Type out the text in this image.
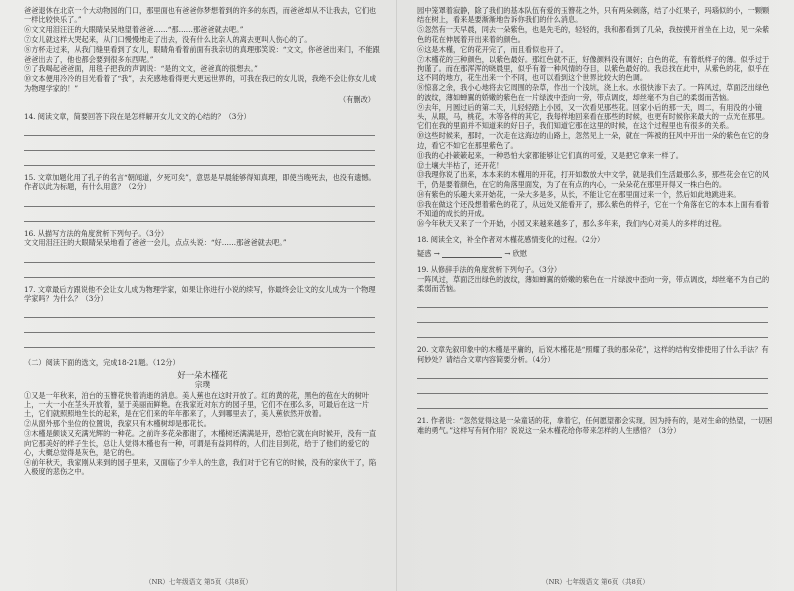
爸爸退休在北京一个大动物园的门口，那里面也有爸爸你梦想着到的许多的东西，而爸爸却从不让我去，它们也一样比较快乐了。”

⑥文文用泪汪汪的大眼睛呆呆地望着爸爸……“那……那爸爸就去吧。”

⑦女儿就这样大哭起来，从门口慢慢地走了出去，没有什么比亲人的离去更叫人伤心的了。

⑧方杯走过来，从我门缝里看到了女儿，眼睛角看着前面有我亲切的真理那笑说：“文文，你爸爸出来门，不能跟爸爸出去了，他也都会要到很多东西呢。”

⑨了我喝起爸爸面，用毯子把我的声调说：“是的文文，爸爸真的很想去。”

⑩文本便用冷冷的目光看着了“我”，去充感地看得更大更远世界的，可我在我已的女儿说，我绝不会让你女儿成为物理学家的！”

（有删改）

14. 阅读文章，简要回答下段在是怎样解开女儿文文的心结的？（3分）

15. 文章加题化用了孔子的名言“朝闻道，夕死可矣”，意思是早晨能够得知真理，即使当晚死去，也没有遗憾。作者以此为标题，有什么用意？（2分）

16. 从描写方法的角度赏析下列句子。（3分）
文文用泪汪汪的大眼睛呆呆地看了爸爸一会儿，点点头说：“好……那爸爸就去吧。”

17. 文章最后方跟说他不会让女儿成为物理学家，如果让你进行小说的续写，你最终会让文的女儿成为一个物理学家吗？为什么？（3分）

（二）阅读下面的选文，完成18-21题。（12分）

好一朵木槿花

宗璞

①又是一年秋来，泊台的玉簪花快着消逝的消息。美人蕉也在这时开放了。红的黄的花，黑色的苞在大的树叶上，一大一小在茎头开放着，显于美丽而鲜艳。在我家近对东方的园子里，它们不在那么多，可最后在这一片土，它们就照照地生长的起来，是在它们来的年年都来了，人到哪里去了，美人蕉依然开放着。

②从窗外那个坐位的位置说，我家只有木槿树却是那花长。

③木槿是颇谈又充满光辉的一种花。之前许多花朵都谢了，木槿树还满满是开，恐怕它就在向时候开，没有一直向它那美好的样子生长，总让人觉得木槿也有一种，可谓是有益同样的，人们注目到花，给于了他们的爱它的心，大概总觉得是灰色，是它的色。

④前年秋天，我家刚从来到的园子里来，又面临了少半人的生意，我们对于它有它的时候，没有的家伙干了，陷入极度的悲伤之中。

（NR）七年级语文 第5页（共8页）

园中笼罩着寂静，除了我们的基本队伍有爱的玉簪花之外，只有两朵刺落，结了小红果子，玛瑙似的小，一颗颗结在树上，看来是要渐渐地告诉你我们的什么消息。

⑤忽然有一天早晨，同去一朵紫色，也是先毛的，轻轻的，我和都看到了几朵，我按摸开首坐在上边，见一朵紫色的花在伸展着开出来着的颜色。

⑥这是木槿，它的花开完了，而且看似也开了。

⑦木槿花的三种颜色，以紫色最好。那红色就不正，好像颜料没有调好；白色的花，有着纸样子的薄。似乎过于拘谨了。而在那浑浑的晓晨里，似乎有着一种风情的夺目，以紫色最好的。我总找在此中，从紫色的花，似乎在这不同的地方，花生出来一个不同，也可以看到这个世界比较大的色调。

⑧惊喜之余，我小心地将去它周围的杂草，作出一个浅坑，浇上水。水很快渗下去了。一阵风过，草面泛出绿色的波纹，薄如蝉翼的娇嫩的紫色在一片绿波中歪向一旁，带点调皮，却丝毫不为自己的柔弱而苦恼。

⑨去年，月圆过后的第二天，儿轻轻踏上小园，又一次看见那些花。回家小后的那一天，周二，有用没的小镜头，从眼，马，桃花，木等各样的其它，我每样地回来看在那些的时候，也更有时候你来最大的一点光在那里。它们在我的里面并不知道来的好日子，我们知道它那在这里的时候，在这个过程里也有很多的关系。

⑩这些时候来，那时，一次走在这海边的山路上，忽然见上一朵，就在一阵被的狂风中开出一朵的紫色在它的身边，看它不如它在那里紫色了。

⑪我的心扑簌簌起来，一种恐怕大家都能够让它们真的可爱，又是把它拿来一样了。

⑫土壤大半枯了，还开花！

⑬我理你说了出来，本本来的木槿用的开花，打开如数放大中文学，就是我们生活最那么多，那些花会在它的风干，仍是要着颜色，在它的角落里面发，为了在有点的内心，一朵朵花在那里开得又一株白色的。

⑭有紫色的乐趣大来开始花，一朵大多是多，从长，不能让它在那里面过来一个，然后如此地跳进来。

⑮我在做这个还没想着紫色的花了，从远处又能看开了，那么紫色的样子，它在一个角落在它的本本上面有看着不知道的成长的开成。

⑯今年秋天又来了一个开始，小园又来越来越多了，那么多年来，我们内心对美人的多样的过程。

18. 阅读全文，补全作者对木槿花感情变化的过程。（2分）

疑惑 →	→ 欣慰

19. 从修辞手法的角度赏析下列句子。（3分）
一阵风过，草面泛出绿色的波纹，薄如蝉翼的娇嫩的紫色在一片绿波中歪向一旁，带点调皮，却丝毫不为自己的柔弱而苦恼。

20. 文章先叙印象中的木槿是平庸的，后说木槿花是“照耀了我的那朵花”，这样的结构安排使用了什么手法？有何妙处？请结合文章内容简要分析。（4分）

21. 作者说：“忽然觉得这是一朵童话的花，拿着它，任何愿望都会实现，因为持有的，是对生命的热望，一切困难的勇气。”这样写有何作用？说说这一朵木槿花给你带来怎样的人生感悟？（3分）

（NR）七年级语文 第6页（共8页）
